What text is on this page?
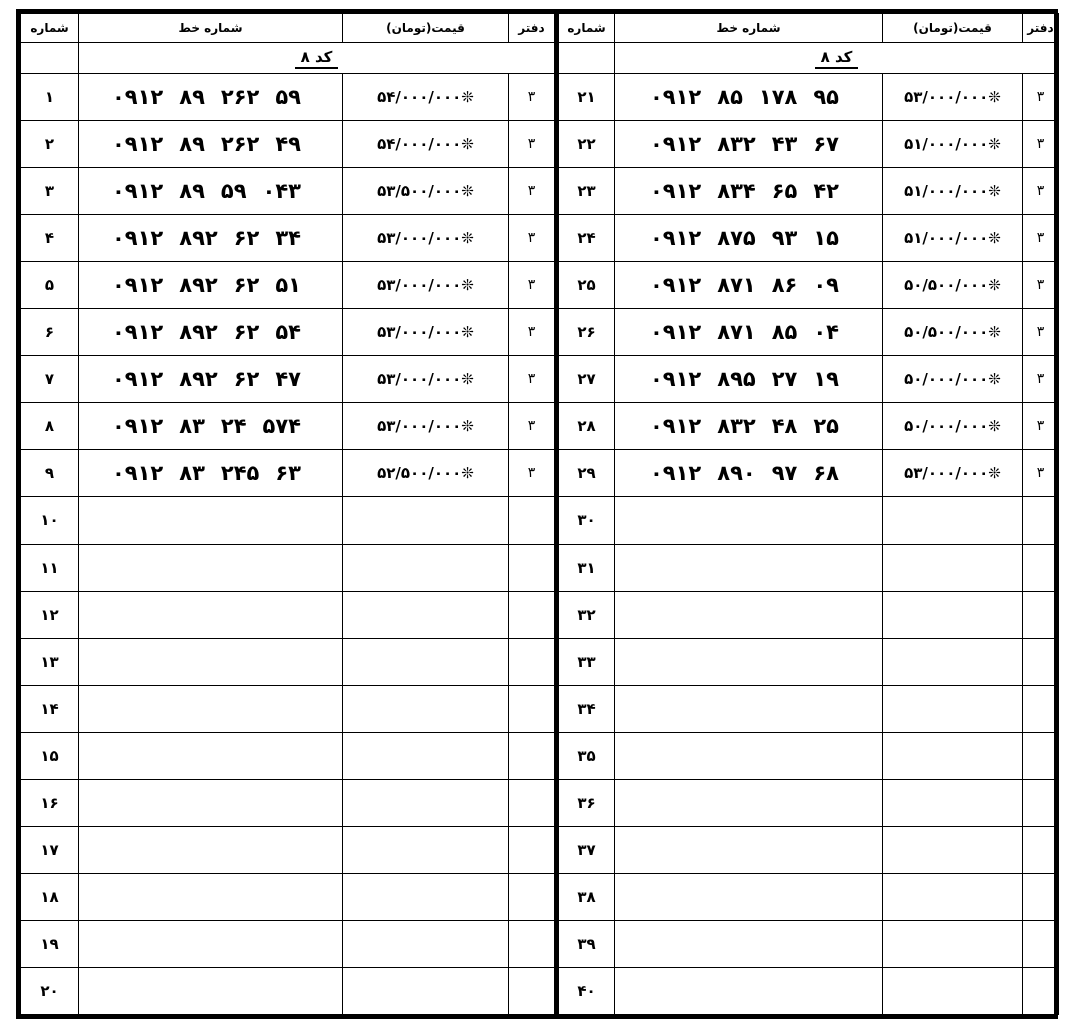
شماره	شماره خط	قیمت(تومان)	دفتر
	کد ۸		
۱	۰۹۱۲ ۸۹ ۲۶۲ ۵۹	۵۴/۰۰۰/۰۰۰❊	۳
۲	۰۹۱۲ ۸۹ ۲۶۲ ۴۹	۵۴/۰۰۰/۰۰۰❊	۳
۳	۰۹۱۲ ۸۹ ۵۹ ۰۴۳	۵۳/۵۰۰/۰۰۰❊	۳
۴	۰۹۱۲ ۸۹۲ ۶۲ ۳۴	۵۳/۰۰۰/۰۰۰❊	۳
۵	۰۹۱۲ ۸۹۲ ۶۲ ۵۱	۵۳/۰۰۰/۰۰۰❊	۳
۶	۰۹۱۲ ۸۹۲ ۶۲ ۵۴	۵۳/۰۰۰/۰۰۰❊	۳
۷	۰۹۱۲ ۸۹۲ ۶۲ ۴۷	۵۳/۰۰۰/۰۰۰❊	۳
۸	۰۹۱۲ ۸۳ ۲۴ ۵۷۴	۵۳/۰۰۰/۰۰۰❊	۳
۹	۰۹۱۲ ۸۳ ۲۴۵ ۶۳	۵۲/۵۰۰/۰۰۰❊	۳
۱۰			
۱۱			
۱۲			
۱۳			
۱۴			
۱۵			
۱۶			
۱۷			
۱۸			
۱۹			
۲۰			
شماره	شماره خط	قیمت(تومان)	دفتر
	کد ۸		
۲۱	۰۹۱۲ ۸۵ ۱۷۸ ۹۵	۵۳/۰۰۰/۰۰۰❊	۳
۲۲	۰۹۱۲ ۸۳۲ ۴۳ ۶۷	۵۱/۰۰۰/۰۰۰❊	۳
۲۳	۰۹۱۲ ۸۳۴ ۶۵ ۴۲	۵۱/۰۰۰/۰۰۰❊	۳
۲۴	۰۹۱۲ ۸۷۵ ۹۳ ۱۵	۵۱/۰۰۰/۰۰۰❊	۳
۲۵	۰۹۱۲ ۸۷۱ ۸۶ ۰۹	۵۰/۵۰۰/۰۰۰❊	۳
۲۶	۰۹۱۲ ۸۷۱ ۸۵ ۰۴	۵۰/۵۰۰/۰۰۰❊	۳
۲۷	۰۹۱۲ ۸۹۵ ۲۷ ۱۹	۵۰/۰۰۰/۰۰۰❊	۳
۲۸	۰۹۱۲ ۸۳۲ ۴۸ ۲۵	۵۰/۰۰۰/۰۰۰❊	۳
۲۹	۰۹۱۲ ۸۹۰ ۹۷ ۶۸	۵۳/۰۰۰/۰۰۰❊	۳
۳۰			
۳۱			
۳۲			
۳۳			
۳۴			
۳۵			
۳۶			
۳۷			
۳۸			
۳۹			
۴۰			
